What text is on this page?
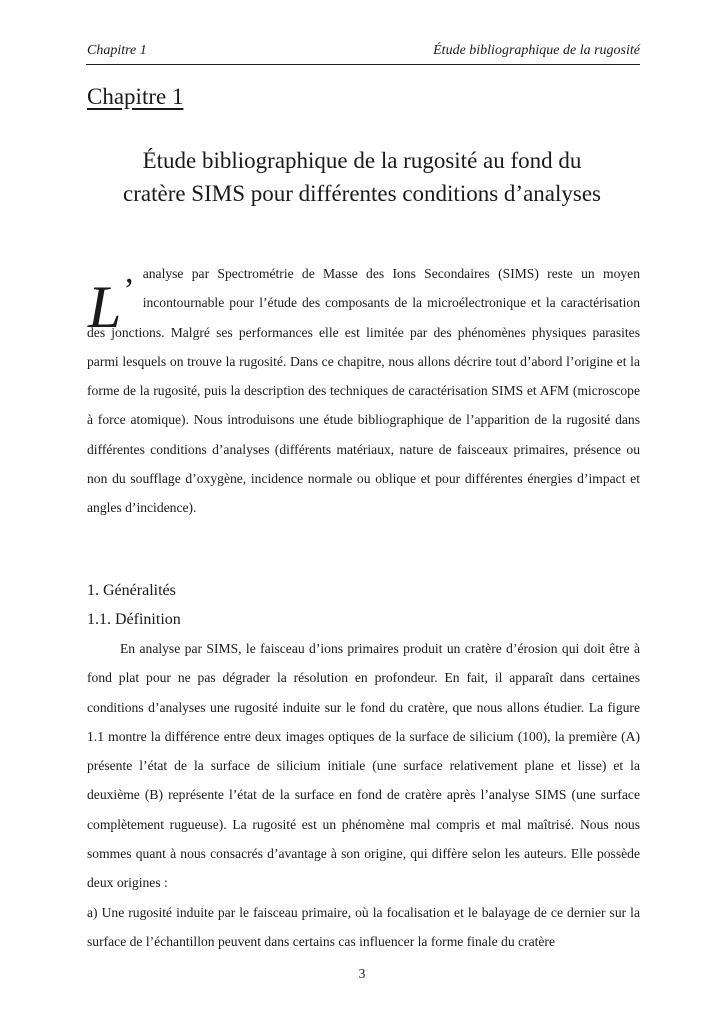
Chapitre 1	Étude bibliographique de la rugosité
Chapitre 1
Étude bibliographique de la rugosité au fond du
cratère SIMS pour différentes conditions d’analyses
L’ analyse par Spectrométrie de Masse des Ions Secondaires (SIMS) reste un moyen incontournable pour l’étude des composants de la microélectronique et la caractérisation des jonctions. Malgré ses performances elle est limitée par des phénomènes physiques parasites parmi lesquels on trouve la rugosité. Dans ce chapitre, nous allons décrire tout d’abord l’origine et la forme de la rugosité, puis la description des techniques de caractérisation SIMS et AFM (microscope à force atomique). Nous introduisons une étude bibliographique de l’apparition de la rugosité dans différentes conditions d’analyses (différents matériaux, nature de faisceaux primaires, présence ou non du soufflage d’oxygène, incidence normale ou oblique et pour différentes énergies d’impact et angles d’incidence).
1. Généralités
1.1. Définition
En analyse par SIMS, le faisceau d’ions primaires produit un cratère d’érosion qui doit être à fond plat pour ne pas dégrader la résolution en profondeur. En fait, il apparaît dans certaines conditions d’analyses une rugosité induite sur le fond du cratère, que nous allons étudier. La figure 1.1 montre la différence entre deux images optiques de la surface de silicium (100), la première (A) présente l’état de la surface de silicium initiale (une surface relativement plane et lisse) et la deuxième (B) représente l’état de la surface en fond de cratère après l’analyse SIMS (une surface complètement rugueuse). La rugosité est un phénomène mal compris et mal maîtrisé. Nous nous sommes quant à nous consacrés d’avantage à son origine, qui diffère selon les auteurs. Elle possède deux origines :
a) Une rugosité induite par le faisceau primaire, où la focalisation et le balayage de ce dernier sur la surface de l’échantillon peuvent dans certains cas influencer la forme finale du cratère
3
